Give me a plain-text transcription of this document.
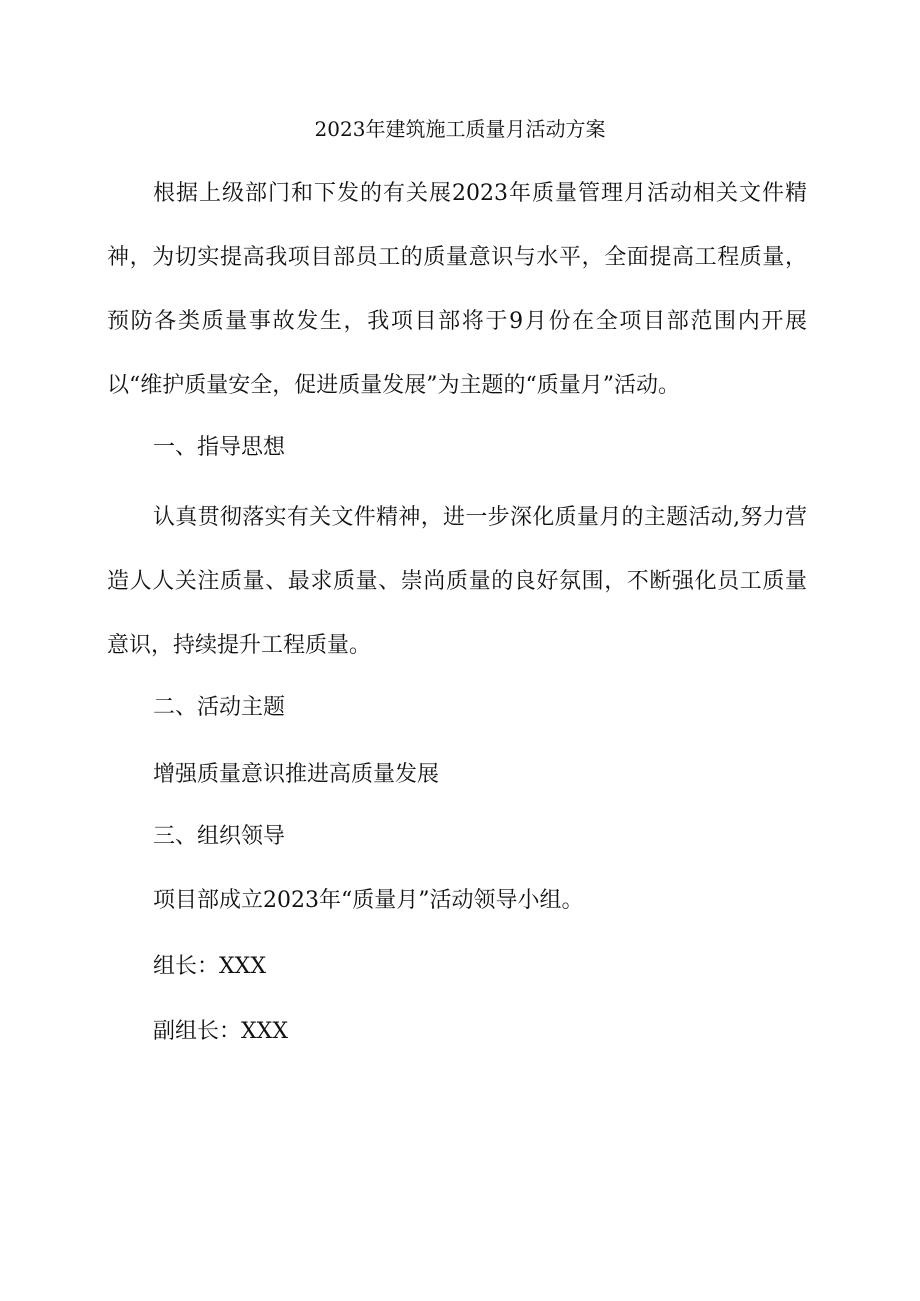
2023年建筑施工质量月活动方案

根据上级部门和下发的有关展2023年质量管理月活动相关文件精神，为切实提高我项目部员工的质量意识与水平，全面提高工程质量，预防各类质量事故发生，我项目部将于9月份在全项目部范围内开展以“维护质量安全，促进质量发展”为主题的“质量月”活动。

一、指导思想

认真贯彻落实有关文件精神，进一步深化质量月的主题活动,努力营造人人关注质量、最求质量、崇尚质量的良好氛围，不断强化员工质量意识，持续提升工程质量。

二、活动主题

增强质量意识推进高质量发展

三、组织领导

项目部成立2023年“质量月”活动领导小组。

组长：XXX

副组长：XXX
